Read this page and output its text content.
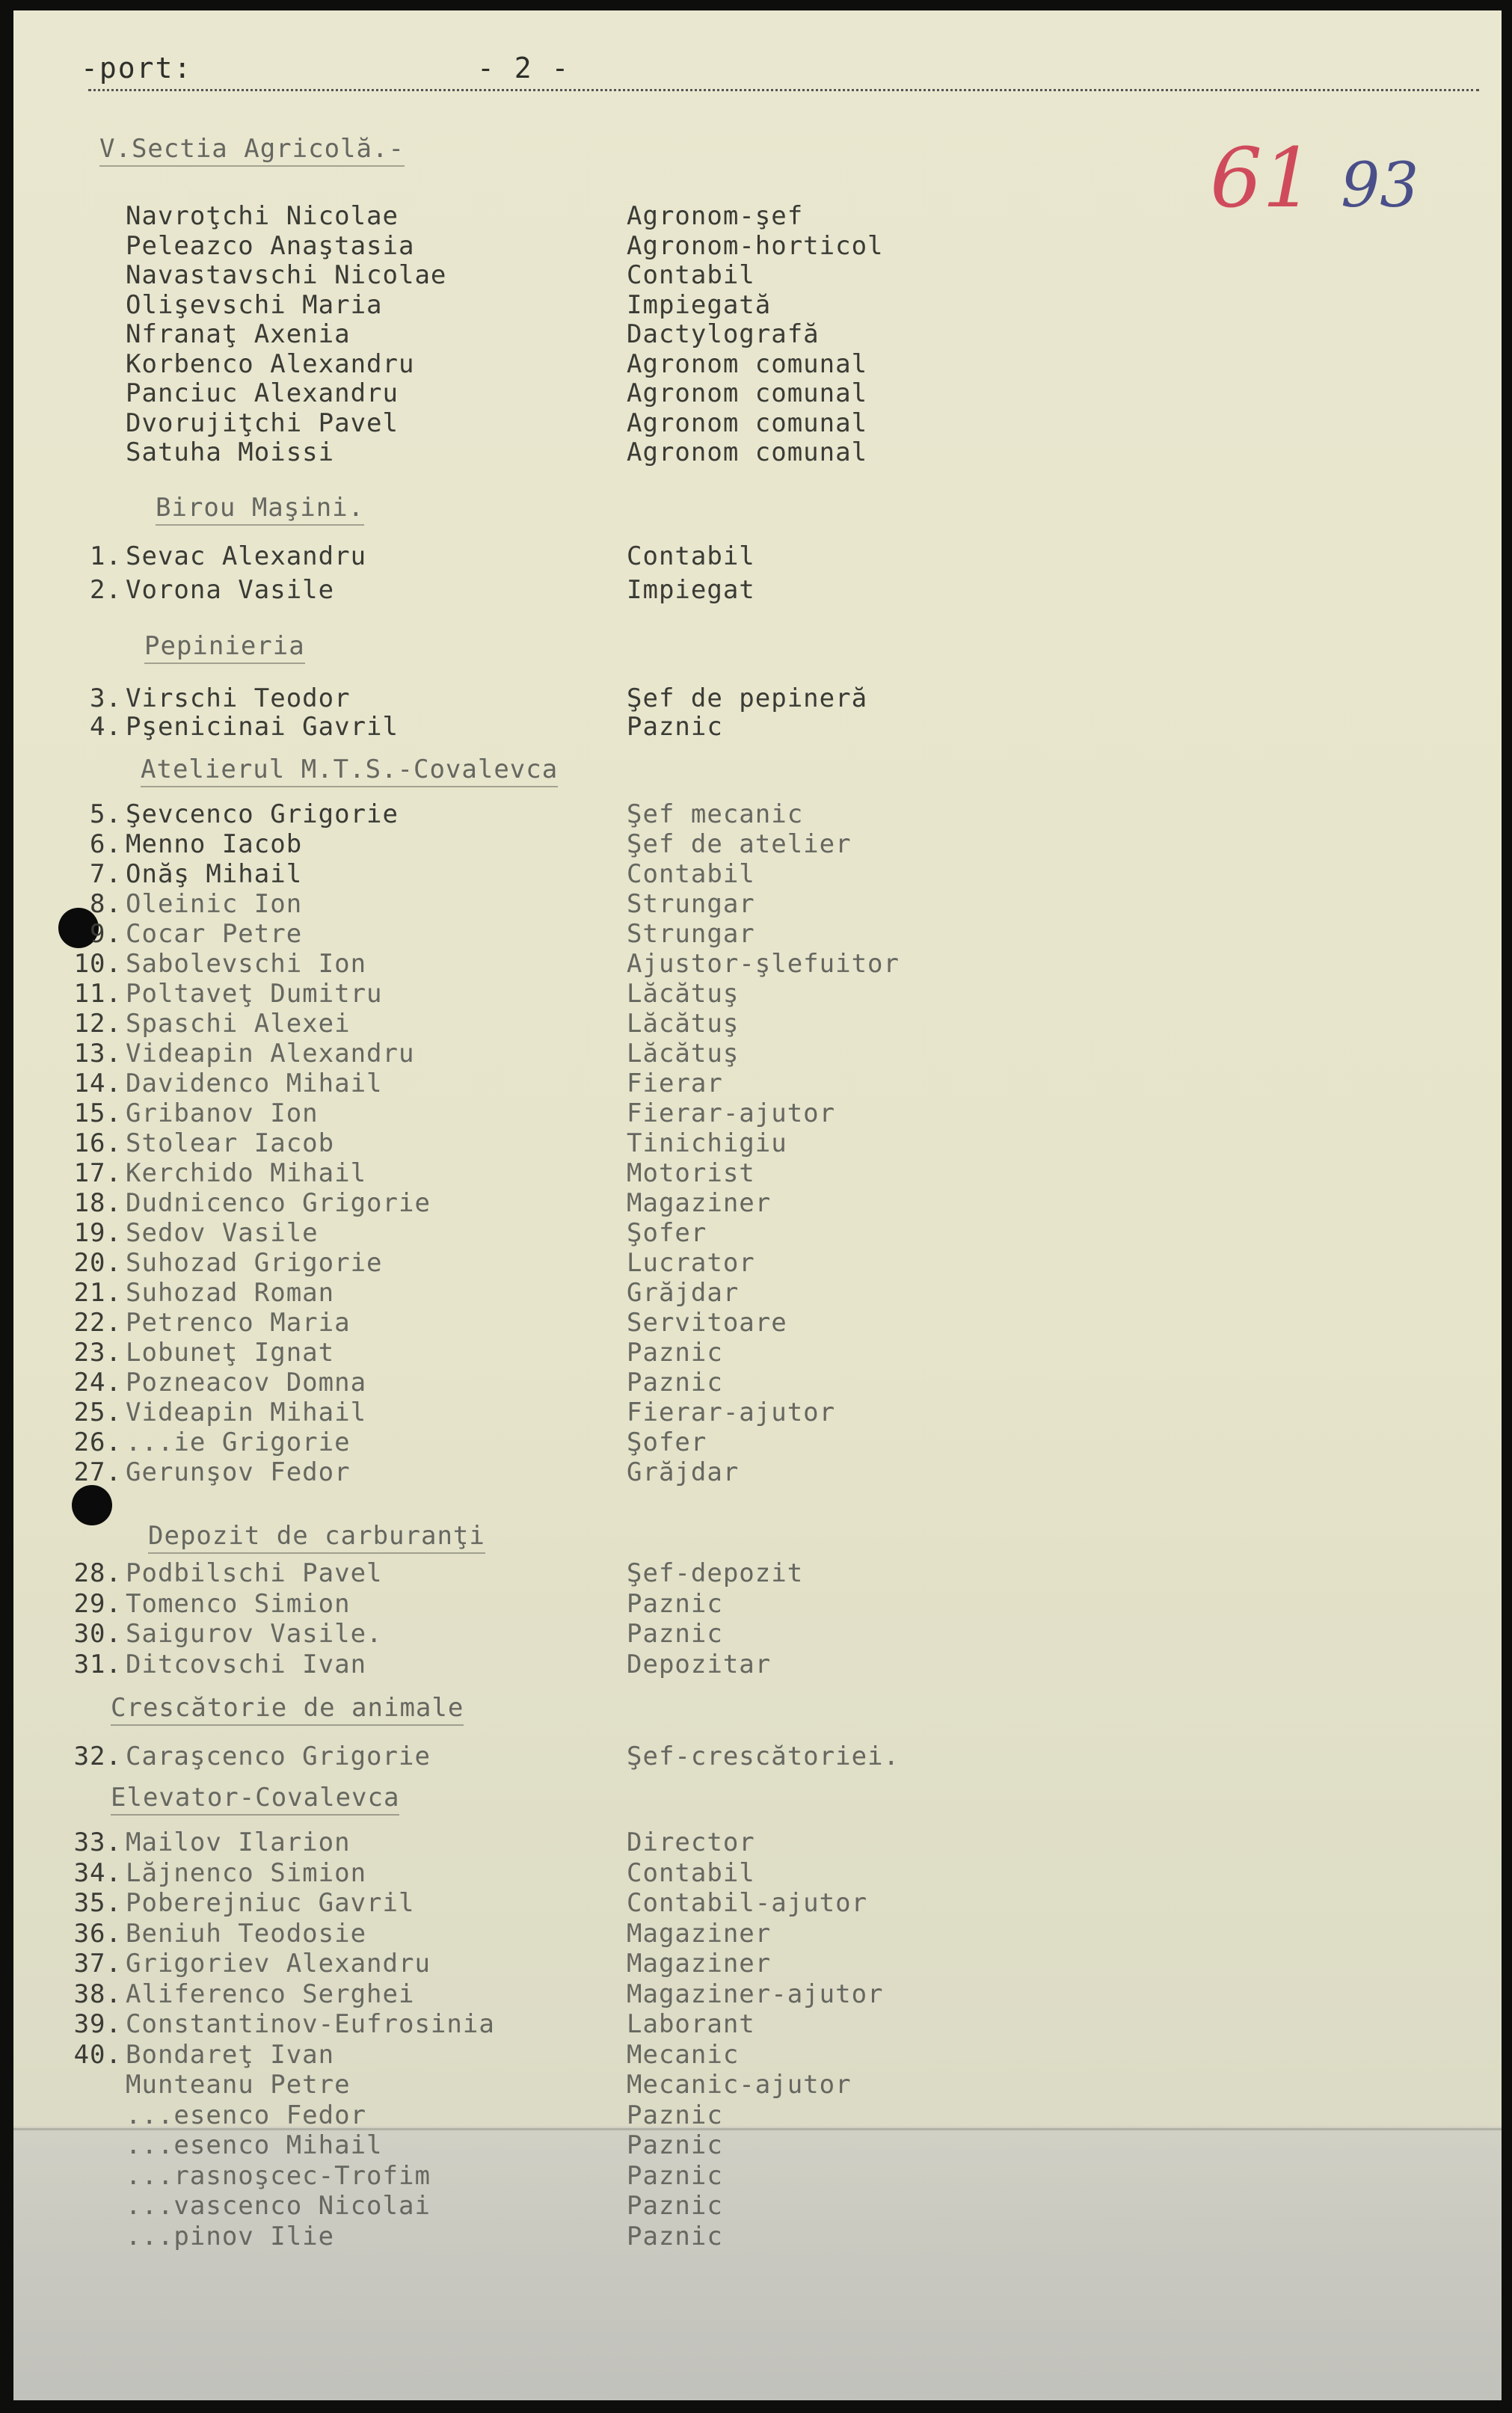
-port:	- 2 -
61 93
V.Sectia Agricolă.-
Navroţchi Nicolae	Agronom-şef
Peleazco Anaştasia	Agronom-horticol
Navastavschi Nicolae	Contabil
Olişevschi Maria	Impiegată
Nfranaţ Axenia	Dactylografă
Korbenco Alexandru	Agronom comunal
Panciuc Alexandru	Agronom comunal
Dvorujiţchi Pavel	Agronom comunal
Satuha Moissi	Agronom comunal
Birou Maşini.
1. Sevac Alexandru	Contabil
2. Vorona Vasile	Impiegat
Pepinieria
3. Virschi Teodor	Şef de pepineră
4. Pşenicinai Gavril	Paznic
Atelierul M.T.S.-Covalevca
5. Şevcenco Grigorie	Şef mecanic
6. Menno Iacob	Şef de atelier
7. Onăş Mihail	Contabil
8. Oleinic Ion	Strungar
9. Cocar Petre	Strungar
10. Sabolevschi Ion	Ajustor-şlefuitor
11. Poltaveţ Dumitru	Lăcătuş
12. Spaschi Alexei	Lăcătuş
13. Videapin Alexandru	Lăcătuş
14. Davidenco Mihail	Fierar
15. Gribanov Ion	Fierar-ajutor
16. Stolear Iacob	Tinichigiu
17. Kerchido Mihail	Motorist
18. Dudnicenco Grigorie	Magaziner
19. Sedov Vasile	Şofer
20. Suhozad Grigorie	Lucrator
21. Suhozad Roman	Grăjdar
22. Petrenco Maria	Servitoare
23. Lobuneţ Ignat	Paznic
24. Pozneacov Domna	Paznic
25. Videapin Mihail	Fierar-ajutor
26. ...ie Grigorie	Şofer
27. Gerunşov Fedor	Grăjdar
Depozit de carburanţi
28. Podbilschi Pavel	Şef-depozit
29. Tomenco Simion	Paznic
30. Saigurov Vasile.	Paznic
31. Ditcovschi Ivan	Depozitar
Crescătorie de animale
32. Caraşcenco Grigorie	Şef-crescătoriei.
Elevator-Covalevca
33. Mailov Ilarion	Director
34. Lăjnenco Simion	Contabil
35. Poberejniuc Gavril	Contabil-ajutor
36. Beniuh Teodosie	Magaziner
37. Grigoriev Alexandru	Magaziner
38. Aliferenco Serghei	Magaziner-ajutor
39. Constantinov-Eufrosinia	Laborant
40. Bondareţ Ivan	Mecanic
Munteanu Petre	Mecanic-ajutor
...esenco Fedor	Paznic
...esenco Mihail	Paznic
...rasnoşcec-Trofim	Paznic
...vascenco Nicolai	Paznic
...pinov Ilie	Paznic
